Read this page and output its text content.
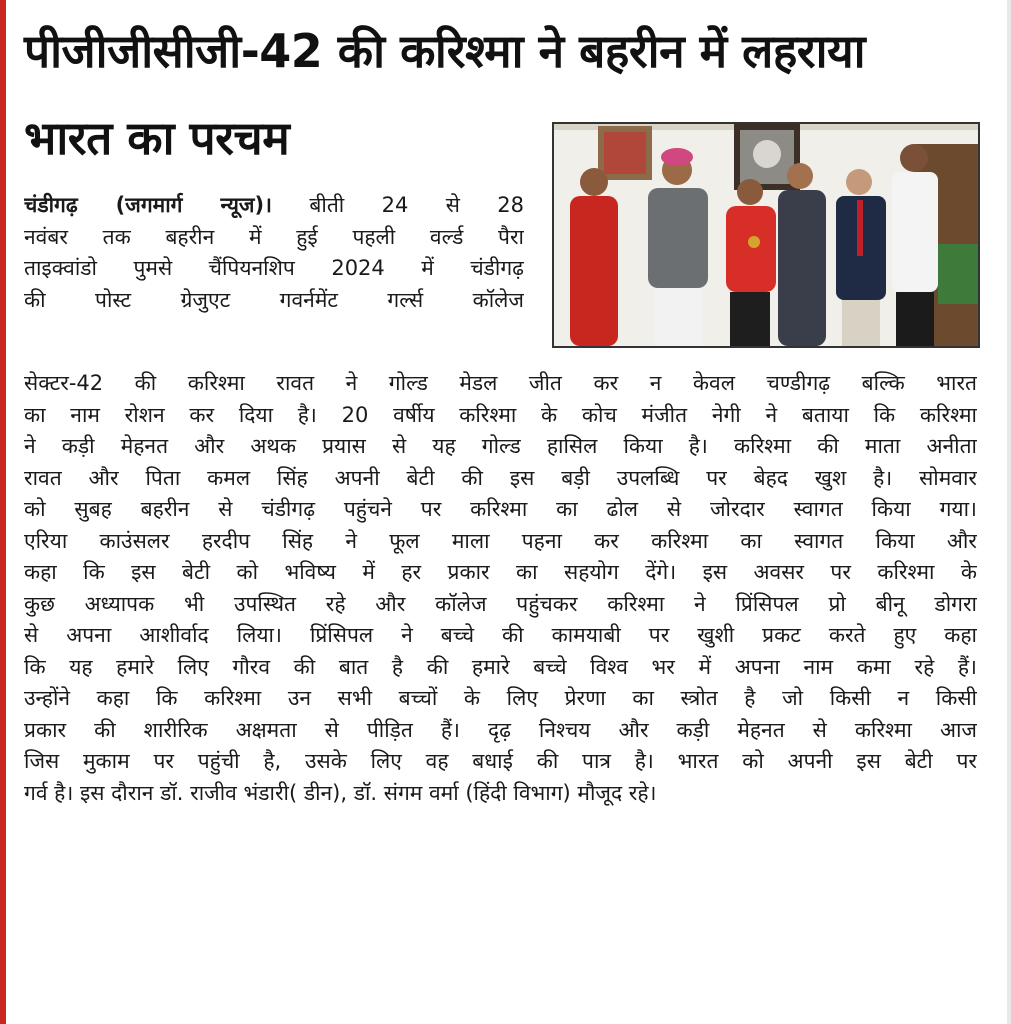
पीजीजीसीजी-42 की करिश्मा ने बहरीन में लहराया
भारत का परचम
चंडीगढ़ (जगमार्ग न्यूज)। बीती 24 से 28
नवंबर तक बहरीन में हुई पहली वर्ल्ड पैरा
ताइक्वांडो पुमसे चैंपियनशिप 2024 में चंडीगढ़
की पोस्ट ग्रेजुएट गवर्नमेंट गर्ल्स कॉलेज
सेक्टर-42 की करिश्मा रावत ने गोल्ड मेडल जीत कर न केवल चण्डीगढ़ बल्कि भारत
का नाम रोशन कर दिया है। 20 वर्षीय करिश्मा के कोच मंजीत नेगी ने बताया कि करिश्मा
ने कड़ी मेहनत और अथक प्रयास से यह गोल्ड हासिल किया है। करिश्मा की माता अनीता
रावत और पिता कमल सिंह अपनी बेटी की इस बड़ी उपलब्धि पर बेहद खुश है। सोमवार
को सुबह बहरीन से चंडीगढ़ पहुंचने पर करिश्मा का ढोल से जोरदार स्वागत किया गया।
एरिया काउंसलर हरदीप सिंह ने फूल माला पहना कर करिश्मा का स्वागत किया और
कहा कि इस बेटी को भविष्य में हर प्रकार का सहयोग देंगे। इस अवसर पर करिश्मा के
कुछ अध्यापक भी उपस्थित रहे और कॉलेज पहुंचकर करिश्मा ने प्रिंसिपल प्रो बीनू डोगरा
से अपना आशीर्वाद लिया। प्रिंसिपल ने बच्चे की कामयाबी पर खुशी प्रकट करते हुए कहा
कि यह हमारे लिए गौरव की बात है की हमारे बच्चे विश्व भर में अपना नाम कमा रहे हैं।
उन्होंने कहा कि करिश्मा उन सभी बच्चों के लिए प्रेरणा का स्त्रोत है जो किसी न किसी
प्रकार की शारीरिक अक्षमता से पीड़ित हैं। दृढ़ निश्चय और कड़ी मेहनत से करिश्मा आज
जिस मुकाम पर पहुंची है, उसके लिए वह बधाई की पात्र है। भारत को अपनी इस बेटी पर
गर्व है। इस दौरान डॉ. राजीव भंडारी( डीन), डॉ. संगम वर्मा (हिंदी विभाग) मौजूद रहे।
